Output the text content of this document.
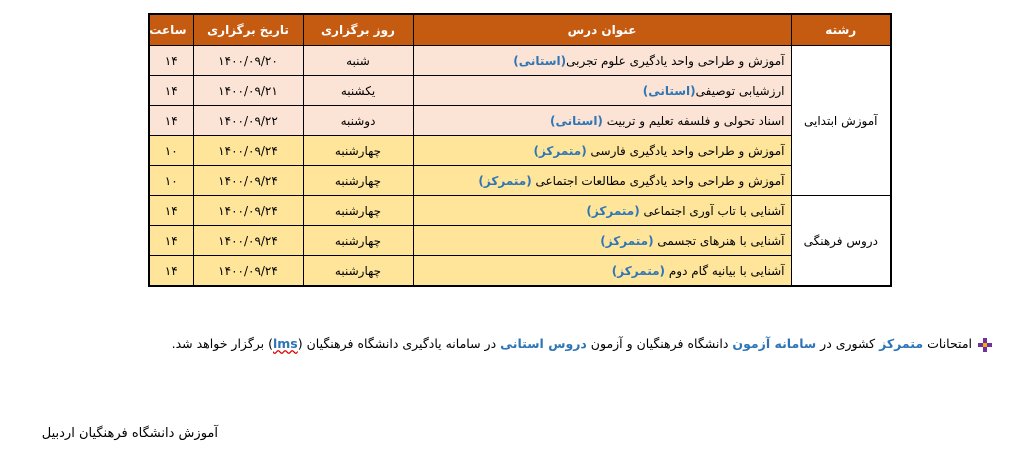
رشته	عنوان درس	روز برگزاری	تاریخ برگزاری	ساعت
آموزش ابتدایی	آموزش و طراحی واحد یادگیری علوم تجربی(استانی)	شنبه	۱۴۰۰/۰۹/۲۰	۱۴
	ارزشیابی توصیفی(استانی)	یکشنبه	۱۴۰۰/۰۹/۲۱	۱۴
	اسناد تحولی و فلسفه تعلیم و تربیت (استانی)	دوشنبه	۱۴۰۰/۰۹/۲۲	۱۴
	آموزش و طراحی واحد یادگیری فارسی (متمرکز)	چهارشنبه	۱۴۰۰/۰۹/۲۴	۱۰
	آموزش و طراحی واحد یادگیری مطالعات اجتماعی (متمرکز)	چهارشنبه	۱۴۰۰/۰۹/۲۴	۱۰
دروس فرهنگی	آشنایی با تاب آوری اجتماعی (متمرکز)	چهارشنبه	۱۴۰۰/۰۹/۲۴	۱۴
	آشنایی با هنرهای تجسمی (متمرکز)	چهارشنبه	۱۴۰۰/۰۹/۲۴	۱۴
	آشنایی با بیانیه گام دوم (متمرکز)	چهارشنبه	۱۴۰۰/۰۹/۲۴	۱۴
امتحانات متمرکز کشوری در سامانه آزمون دانشگاه فرهنگیان و آزمون دروس استانی در سامانه یادگیری دانشگاه فرهنگیان (lms) برگزار خواهد شد.
آموزش دانشگاه فرهنگیان اردبیل
